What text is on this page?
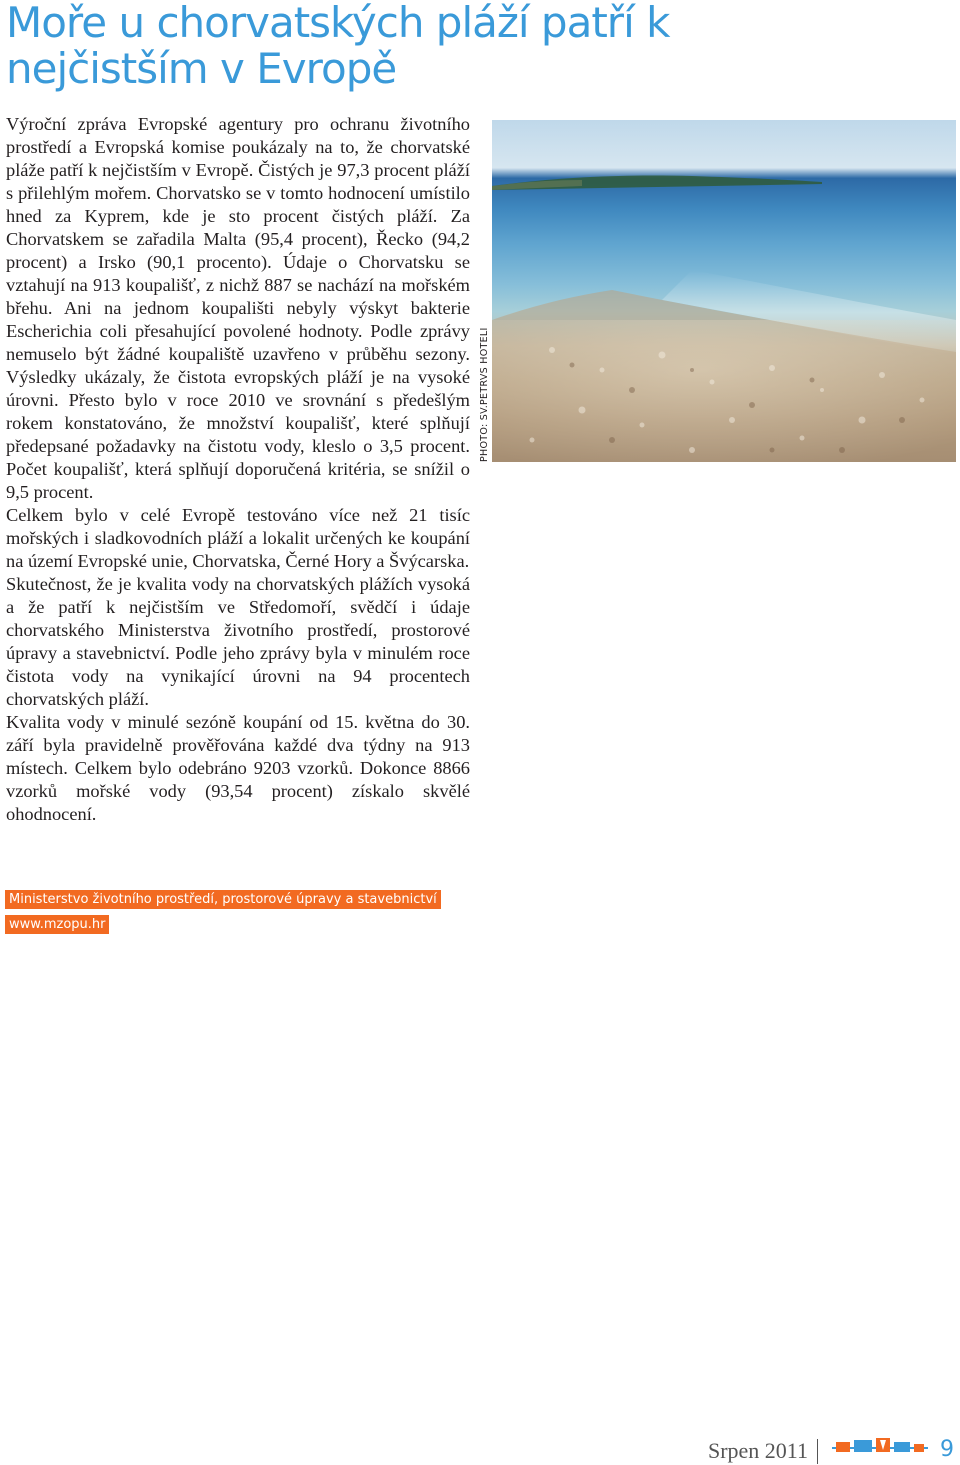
Moře u chorvatských pláží patří k nejčistším v Evropě

Výroční zpráva Evropské agentury pro ochranu životního prostředí a Evropská komise poukázaly na to, že chorvatské pláže patří k nejčistším v Evropě. Čistých je 97,3 procent pláží s přilehlým mořem. Chorvatsko se v tomto hodnocení umístilo hned za Kyprem, kde je sto procent čistých pláží. Za Chorvatskem se zařadila Malta (95,4 procent), Řecko (94,2 procent) a Irsko (90,1 procento). Údaje o Chorvatsku se vztahují na 913 koupališť, z nichž 887 se nachází na mořském břehu. Ani na jednom koupališti nebyly výskyt bakterie Escherichia coli přesahující povolené hodnoty. Podle zprávy nemuselo být žádné koupaliště uzavřeno v průběhu sezony. Výsledky ukázaly, že čistota evropských pláží je na vysoké úrovni. Přesto bylo v roce 2010 ve srovnání s předešlým rokem konstatováno, že množství koupališť, které splňují předepsané požadavky na čistotu vody, kleslo o 3,5 procent. Počet koupališť, která splňují doporučená kritéria, se snížil o 9,5 procent.

Celkem bylo v celé Evropě testováno více než 21 tisíc mořských i sladkovodních pláží a lokalit určených ke koupání na území Evropské unie, Chorvatska, Černé Hory a Švýcarska.

Skutečnost, že je kvalita vody na chorvatských plážích vysoká a že patří k nejčistším ve Středomoří, svědčí i údaje chorvatského Ministerstva životního prostředí, prostorové úpravy a stavebnictví. Podle jeho zprávy byla v minulém roce čistota vody na vynikající úrovni na 94 procentech chorvatských pláží.

Kvalita vody v minulé sezóně koupání od 15. května do 30. září byla pravidelně prověřována každé dva týdny na 913 místech. Celkem bylo odebráno 9203 vzorků. Dokonce 8866 vzorků mořské vody (93,54 procent) získalo skvělé ohodnocení.

PHOTO: SV.PETRVS HOTELI
Ministerstvo životního prostředí, prostorové úpravy a stavebnictví
www.mzopu.hr
Srpen 2011	9
